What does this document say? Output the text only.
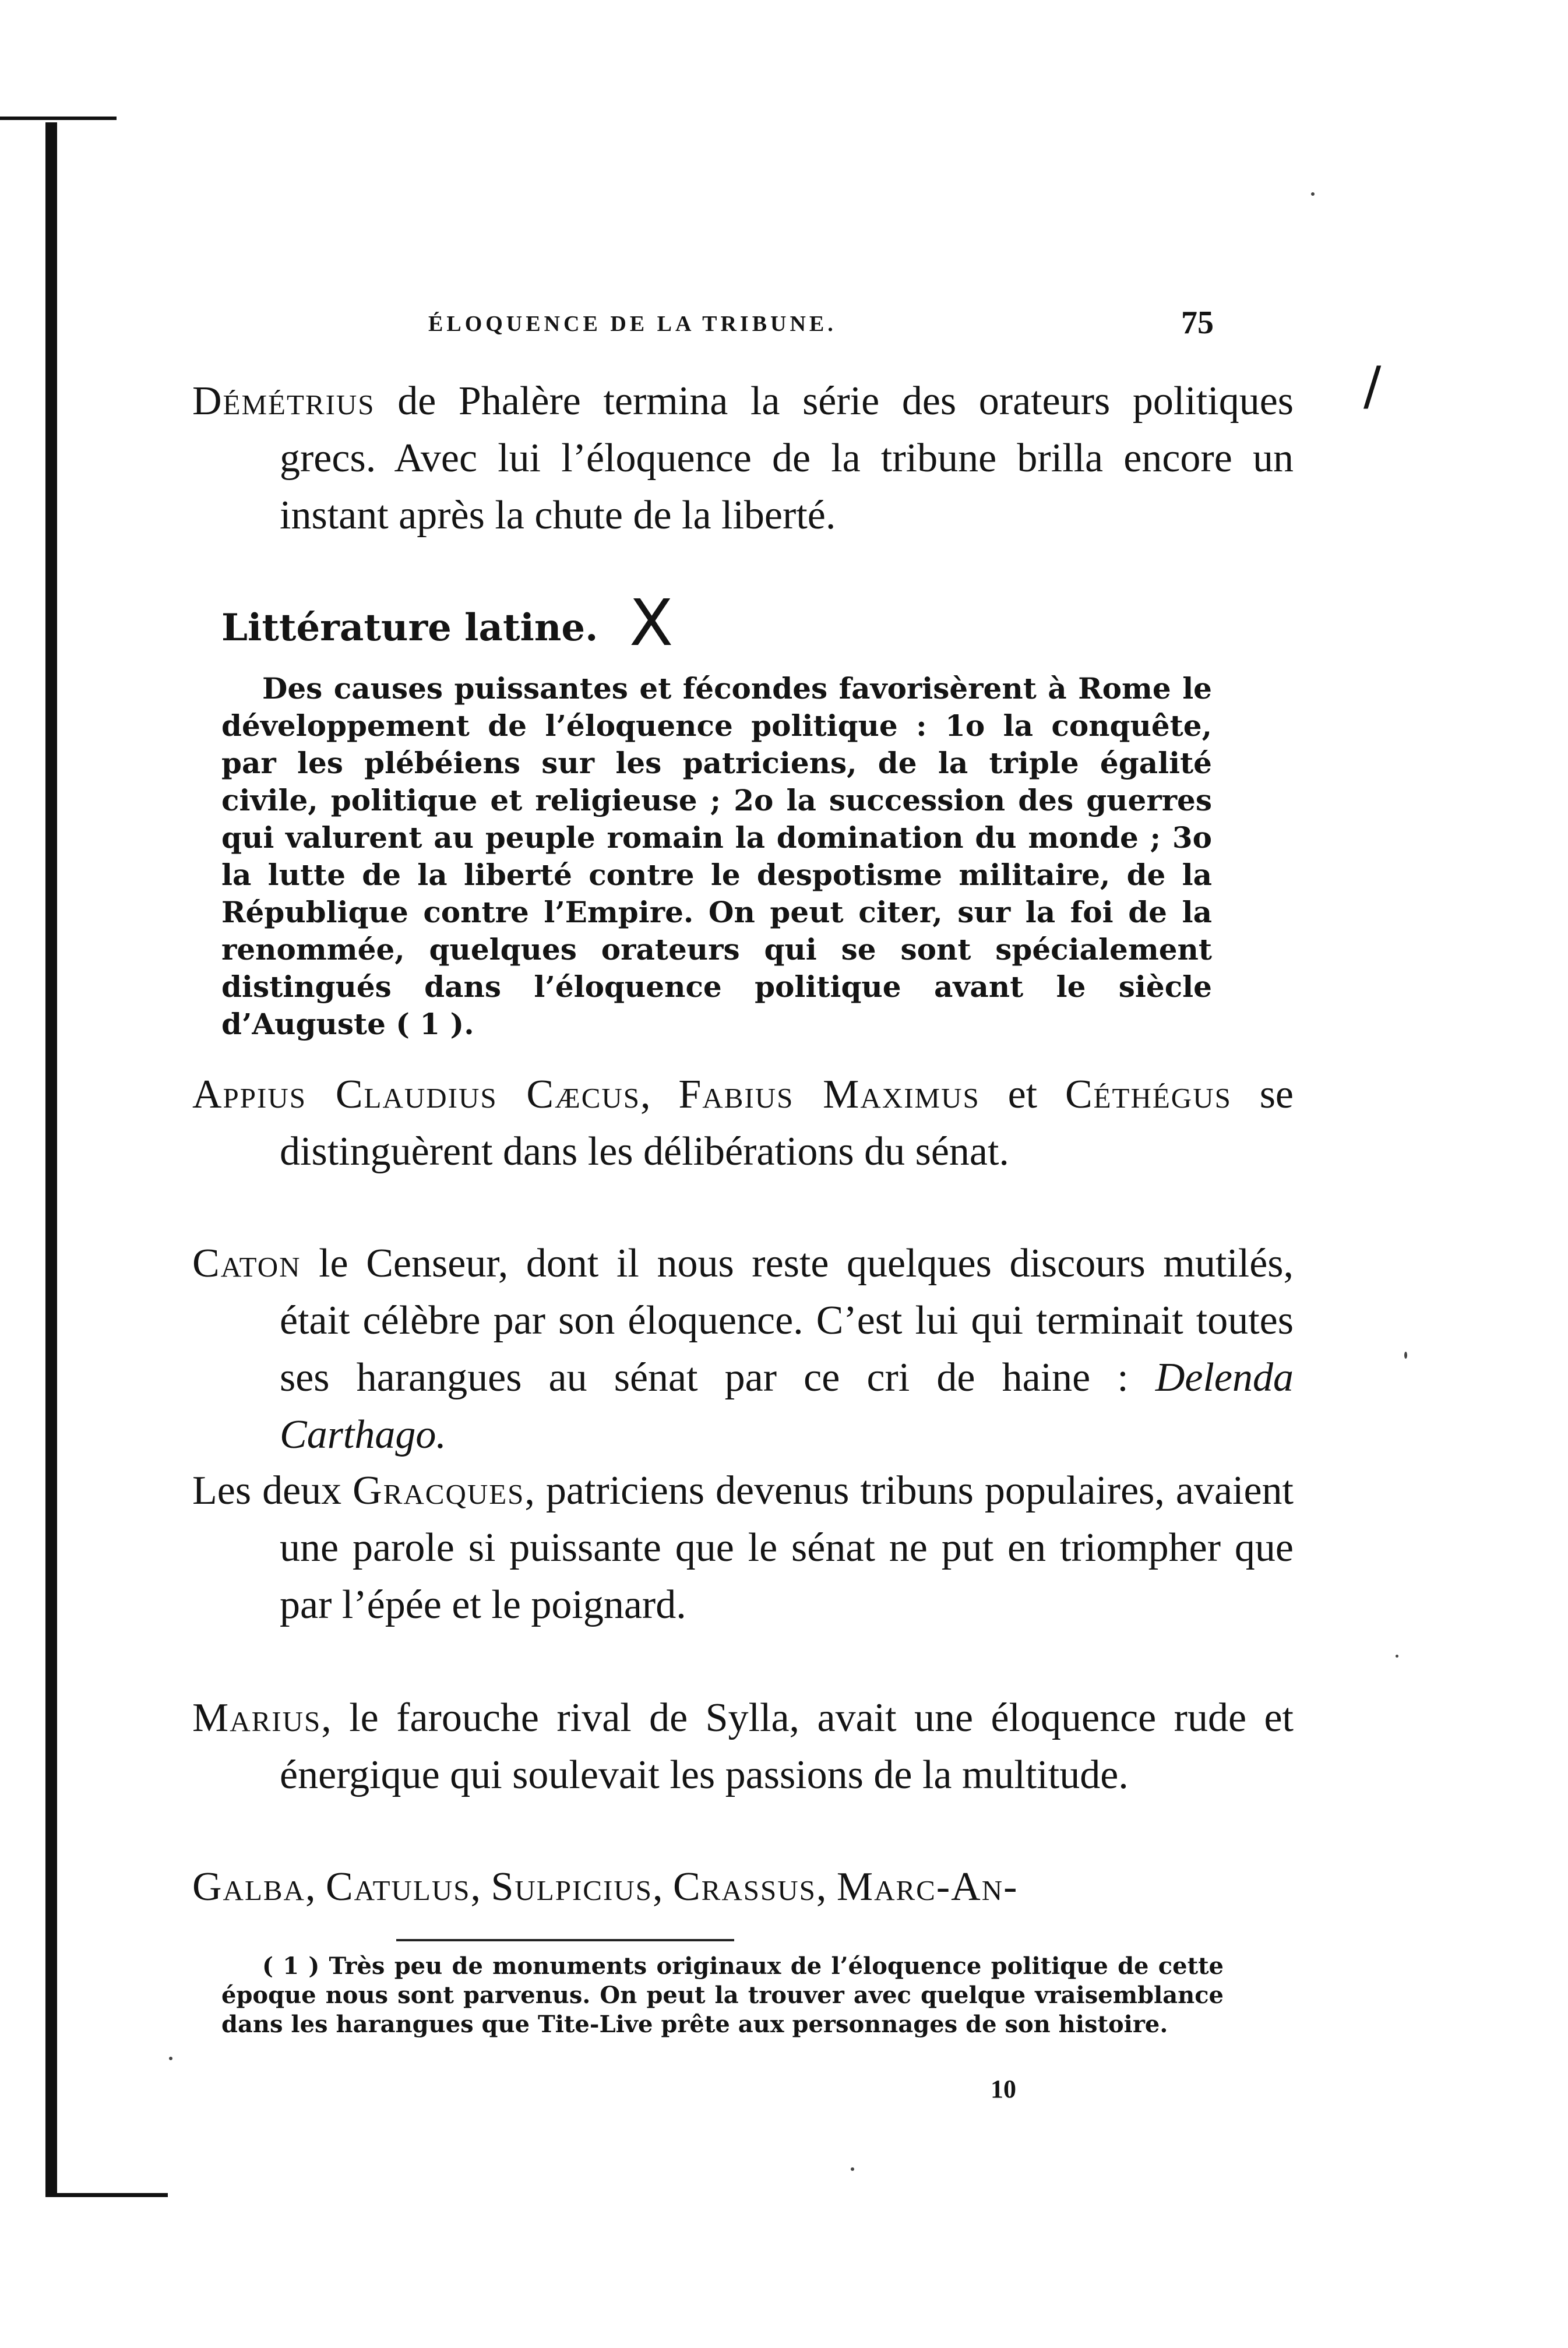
ÉLOQUENCE DE LA TRIBUNE.	75
/

Démétrius de Phalère termina la série des orateurs politiques grecs. Avec lui l’éloquence de la tribune brilla encore un instant après la chute de la liberté.

Littérature latine. X
Des causes puissantes et fécondes favorisèrent à Rome le développement de l’éloquence politique : 1o la conquête, par les plébéiens sur les patriciens, de la triple égalité civile, politique et religieuse ; 2o la succession des guerres qui valurent au peuple romain la domination du monde ; 3o la lutte de la liberté contre le despotisme militaire, de la République contre l’Empire. On peut citer, sur la foi de la renommée, quelques orateurs qui se sont spécialement distingués dans l’éloquence politique avant le siècle d’Auguste ( 1 ).

Appius Claudius Cæcus, Fabius Maximus et Céthégus se distinguèrent dans les délibérations du sénat.

Caton le Censeur, dont il nous reste quelques discours mutilés, était célèbre par son éloquence. C’est lui qui terminait toutes ses harangues au sénat par ce cri de haine : Delenda Carthago.

Les deux Gracques, patriciens devenus tribuns populaires, avaient une parole si puissante que le sénat ne put en triompher que par l’épée et le poignard.

Marius, le farouche rival de Sylla, avait une éloquence rude et énergique qui soulevait les passions de la multitude.

Galba, Catulus, Sulpicius, Crassus, Marc-An-

( 1 ) Très peu de monuments originaux de l’éloquence politique de cette époque nous sont parvenus. On peut la trouver avec quelque vraisemblance dans les harangues que Tite-Live prête aux personnages de son histoire.
10
